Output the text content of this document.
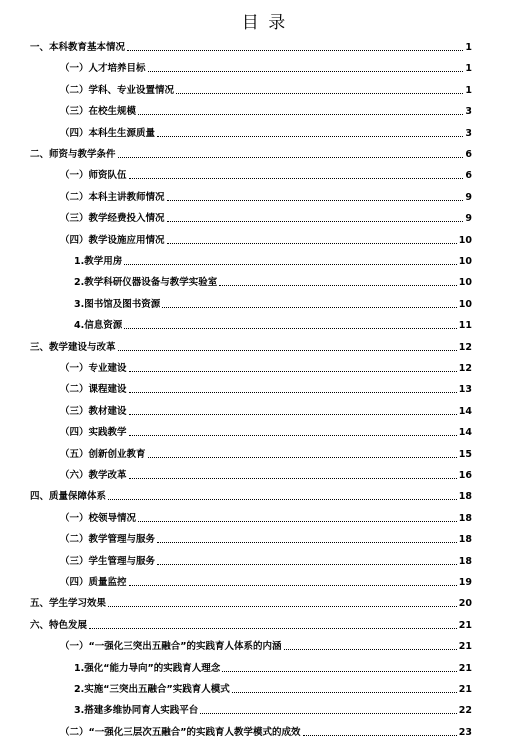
目 录
一、本科教育基本情况	1
（一）人才培养目标	1
（二）学科、专业设置情况	1
（三）在校生规模	3
（四）本科生生源质量	3
二、师资与教学条件	6
（一）师资队伍	6
（二）本科主讲教师情况	9
（三）教学经费投入情况	9
（四）教学设施应用情况	10
1.教学用房	10
2.教学科研仪器设备与教学实验室	10
3.图书馆及图书资源	10
4.信息资源	11
三、教学建设与改革	12
（一）专业建设	12
（二）课程建设	13
（三）教材建设	14
（四）实践教学	14
（五）创新创业教育	15
（六）教学改革	16
四、质量保障体系	18
（一）校领导情况	18
（二）教学管理与服务	18
（三）学生管理与服务	18
（四）质量监控	19
五、学生学习效果	20
六、特色发展	21
（一）“一强化三突出五融合”的实践育人体系的内涵	21
1.强化“能力导向”的实践育人理念	21
2.实施“三突出五融合”实践育人模式	21
3.搭建多维协同育人实践平台	22
（二）“一强化三层次五融合”的实践育人教学模式的成效	23
